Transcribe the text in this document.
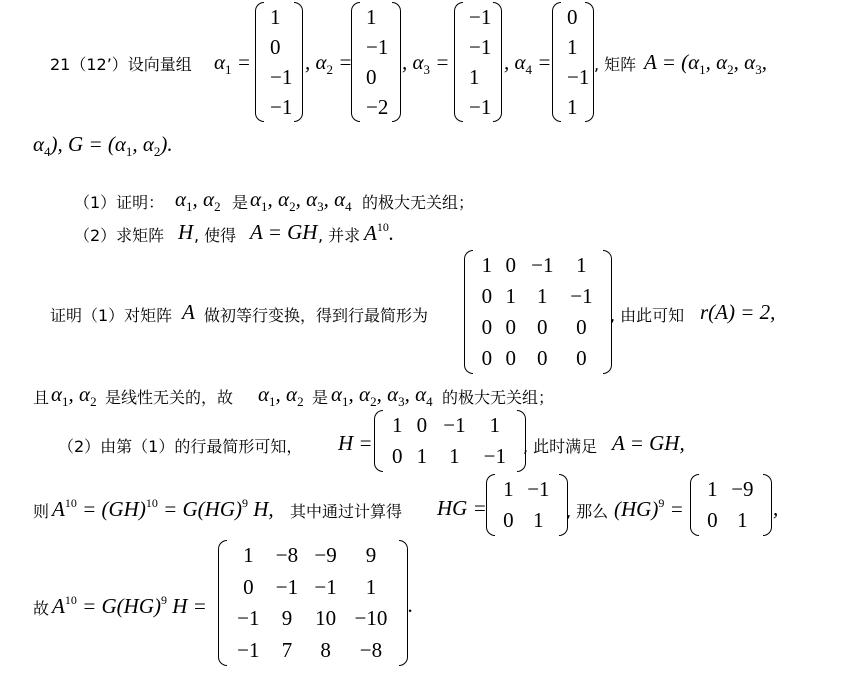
21（12’）设向量组 $\alpha_1$ =
1
0
−1
−1
, $\alpha_2$ =
1
−1
0
−2
, $\alpha_3$ =
−1
−1
1
−1
, $\alpha_4$ =
0
1
−1
1
, 矩阵 $A = (\alpha_1$, $\alpha_2$, $\alpha_3$,
$\alpha_4$), $G = (\alpha_1$, $\alpha_2$).
（1）证明： $\alpha_1$, $\alpha_2$ 是 $\alpha_1$, $\alpha_2$, $\alpha_3$, $\alpha_4$ 的极大无关组；
（2）求矩阵 H , 使得 A = GH , 并求 $A^{10}$.
证明（1）对矩阵 A 做初等行变换，得到行最简形为
1	0	−1	1
0	1	1	−1
0	0	0	0
0	0	0	0
, 由此可知 r(A) = 2,
且 $\alpha_1$, $\alpha_2$ 是线性无关的，故 $\alpha_1$, $\alpha_2$ 是 $\alpha_1$, $\alpha_2$, $\alpha_3$, $\alpha_4$ 的极大无关组；
（2）由第（1）的行最简形可知， H =
1	0	−1	1
0	1	1	−1 , 此时满足 A = GH,
则 $A^{10} = (GH)^{10} = G(HG)^9$ H, 其中通过计算得 HG =
1	−1
0	1 , 那么 (HG)$^9$ =
1	−9
0	1 ,
故 $A^{10} = G(HG)^9$ H =
1	−8	−9	9
0	−1	−1	1
−1	9	10	−10
−1	7	8	−8
.
